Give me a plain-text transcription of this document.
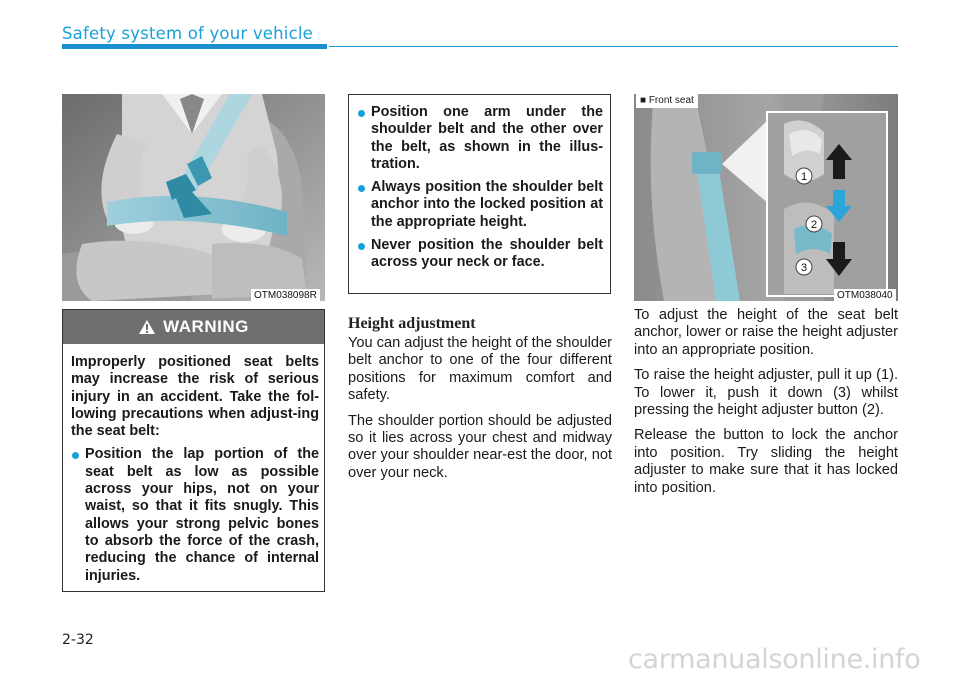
Safety system of your vehicle
OTM038098R
WARNING
Improperly positioned seat belts may increase the risk of serious injury in an accident. Take the fol-lowing precautions when adjust-ing the seat belt:
Position the lap portion of the seat belt as low as possible across your hips, not on your waist, so that it fits snugly. This allows your strong pelvic bones to absorb the force of the crash, reducing the chance of internal injuries.
Position one arm under the shoulder belt and the other over the belt, as shown in the illus-tration.
Always position the shoulder belt anchor into the locked position at the appropriate height.
Never position the shoulder belt across your neck or face.
Height adjustment

You can adjust the height of the shoulder belt anchor to one of the four different positions for maximum comfort and safety.

The shoulder portion should be adjusted so it lies across your chest and midway over your shoulder near-est the door, not over your neck.

1
2
3
■ Front seat
OTM038040

To adjust the height of the seat belt anchor, lower or raise the height adjuster into an appropriate position.

To raise the height adjuster, pull it up (1). To lower it, push it down (3) whilst pressing the height adjuster button (2).

Release the button to lock the anchor into position. Try sliding the height adjuster to make sure that it has locked into position.

2-32
carmanualsonline.info
